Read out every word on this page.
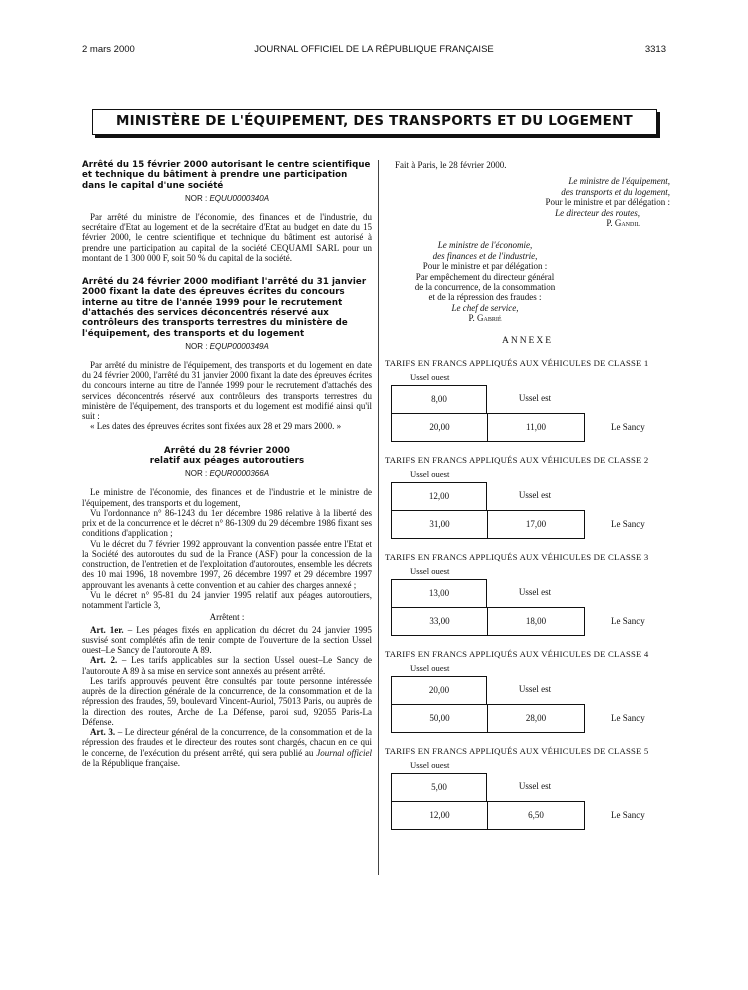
2 mars 2000	JOURNAL OFFICIEL DE LA RÉPUBLIQUE FRANÇAISE	3313
MINISTÈRE DE L'ÉQUIPEMENT, DES TRANSPORTS ET DU LOGEMENT
Arrêté du 15 février 2000 autorisant le centre scientifique et technique du bâtiment à prendre une participation dans le capital d'une société
NOR : EQUU0000340A
Par arrêté du ministre de l'économie, des finances et de l'industrie, du secrétaire d'Etat au logement et de la secrétaire d'Etat au budget en date du 15 février 2000, le centre scientifique et technique du bâtiment est autorisé à prendre une participation au capital de la société CEQUAMI SARL pour un montant de 1 300 000 F, soit 50 % du capital de la société.
Arrêté du 24 février 2000 modifiant l'arrêté du 31 janvier 2000 fixant la date des épreuves écrites du concours interne au titre de l'année 1999 pour le recrutement d'attachés des services déconcentrés réservé aux contrôleurs des transports terrestres du ministère de l'équipement, des transports et du logement
NOR : EQUP0000349A
Par arrêté du ministre de l'équipement, des transports et du logement en date du 24 février 2000, l'arrêté du 31 janvier 2000 fixant la date des épreuves écrites du concours interne au titre de l'année 1999 pour le recrutement d'attachés des services déconcentrés réservé aux contrôleurs des transports terrestres du ministère de l'équipement, des transports et du logement est modifié ainsi qu'il suit :
« Les dates des épreuves écrites sont fixées aux 28 et 29 mars 2000. »
Arrêté du 28 février 2000
relatif aux péages autoroutiers
NOR : EQUR0000366A
Le ministre de l'économie, des finances et de l'industrie et le ministre de l'équipement, des transports et du logement,
Vu l'ordonnance n° 86-1243 du 1er décembre 1986 relative à la liberté des prix et de la concurrence et le décret n° 86-1309 du 29 décembre 1986 fixant ses conditions d'application ;
Vu le décret du 7 février 1992 approuvant la convention passée entre l'Etat et la Société des autoroutes du sud de la France (ASF) pour la concession de la construction, de l'entretien et de l'exploitation d'autoroutes, ensemble les décrets des 10 mai 1996, 18 novembre 1997, 26 décembre 1997 et 29 décembre 1997 approuvant les avenants à cette convention et au cahier des charges annexé ;
Vu le décret n° 95-81 du 24 janvier 1995 relatif aux péages autoroutiers, notamment l'article 3,
Arrêtent :
Art. 1er. – Les péages fixés en application du décret du 24 janvier 1995 susvisé sont complétés afin de tenir compte de l'ouverture de la section Ussel ouest–Le Sancy de l'autoroute A 89.
Art. 2. – Les tarifs applicables sur la section Ussel ouest–Le Sancy de l'autoroute A 89 à sa mise en service sont annexés au présent arrêté.
Les tarifs approuvés peuvent être consultés par toute personne intéressée auprès de la direction générale de la concurrence, de la consommation et de la répression des fraudes, 59, boulevard Vincent-Auriol, 75013 Paris, ou auprès de la direction des routes, Arche de La Défense, paroi sud, 92055 Paris-La Défense.
Art. 3. – Le directeur général de la concurrence, de la consommation et de la répression des fraudes et le directeur des routes sont chargés, chacun en ce qui le concerne, de l'exécution du présent arrêté, qui sera publié au Journal officiel de la République française.
Fait à Paris, le 28 février 2000.
Le ministre de l'équipement,
des transports et du logement,
Pour le ministre et par délégation :
Le directeur des routes,
P. Gandil
Le ministre de l'économie,
des finances et de l'industrie,
Pour le ministre et par délégation :
Par empêchement du directeur général
de la concurrence, de la consommation
et de la répression des fraudes :
Le chef de service,
P. Gabrié
ANNEXE
TARIFS EN FRANCS APPLIQUÉS AUX VÉHICULES DE CLASSE 1
Ussel ouest
8,00	Ussel est
20,00	11,00	Le Sancy
TARIFS EN FRANCS APPLIQUÉS AUX VÉHICULES DE CLASSE 2
Ussel ouest
12,00	Ussel est
31,00	17,00	Le Sancy
TARIFS EN FRANCS APPLIQUÉS AUX VÉHICULES DE CLASSE 3
Ussel ouest
13,00	Ussel est
33,00	18,00	Le Sancy
TARIFS EN FRANCS APPLIQUÉS AUX VÉHICULES DE CLASSE 4
Ussel ouest
20,00	Ussel est
50,00	28,00	Le Sancy
TARIFS EN FRANCS APPLIQUÉS AUX VÉHICULES DE CLASSE 5
Ussel ouest
5,00	Ussel est
12,00	6,50	Le Sancy
